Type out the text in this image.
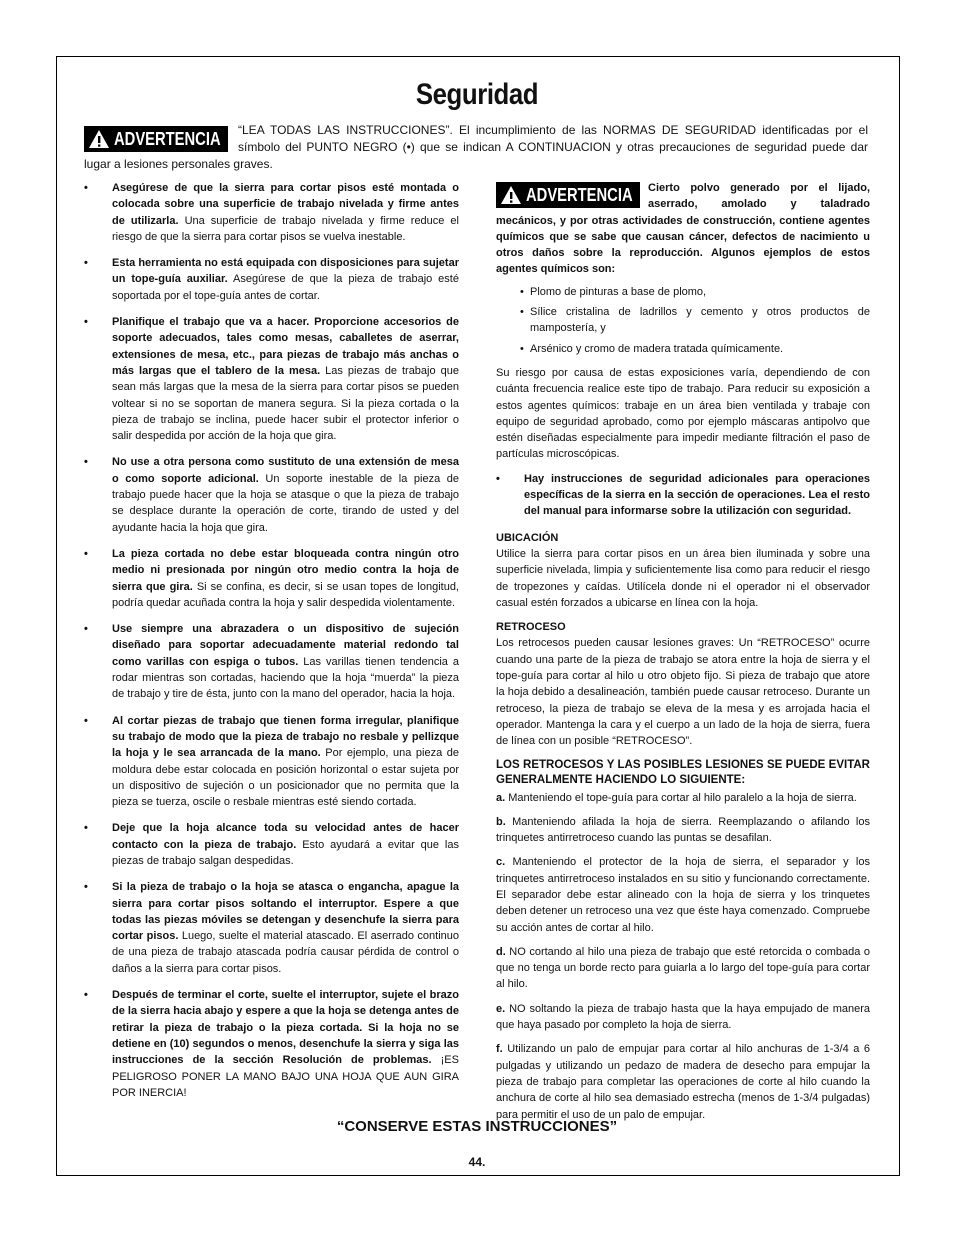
Seguridad
ADVERTENCIA “LEA TODAS LAS INSTRUCCIONES”. El incumplimiento de las NORMAS DE SEGURIDAD identificadas por el símbolo del PUNTO NEGRO (•) que se indican A CONTINUACION y otras precauciones de seguridad puede dar lugar a lesiones personales graves.
• Asegúrese de que la sierra para cortar pisos esté montada o colocada sobre una superficie de trabajo nivelada y firme antes de utilizarla. Una superficie de trabajo nivelada y firme reduce el riesgo de que la sierra para cortar pisos se vuelva inestable.
• Esta herramienta no está equipada con disposiciones para sujetar un tope-guía auxiliar. Asegúrese de que la pieza de trabajo esté soportada por el tope-guía antes de cortar.
• Planifique el trabajo que va a hacer. Proporcione accesorios de soporte adecuados, tales como mesas, caballetes de aserrar, extensiones de mesa, etc., para piezas de trabajo más anchas o más largas que el tablero de la mesa. Las piezas de trabajo que sean más largas que la mesa de la sierra para cortar pisos se pueden voltear si no se soportan de manera segura. Si la pieza cortada o la pieza de trabajo se inclina, puede hacer subir el protector inferior o salir despedida por acción de la hoja que gira.
• No use a otra persona como sustituto de una extensión de mesa o como soporte adicional. Un soporte inestable de la pieza de trabajo puede hacer que la hoja se atasque o que la pieza de trabajo se desplace durante la operación de corte, tirando de usted y del ayudante hacia la hoja que gira.
• La pieza cortada no debe estar bloqueada contra ningún otro medio ni presionada por ningún otro medio contra la hoja de sierra que gira. Si se confina, es decir, si se usan topes de longitud, podría quedar acuñada contra la hoja y salir despedida violentamente.
• Use siempre una abrazadera o un dispositivo de sujeción diseñado para soportar adecuadamente material redondo tal como varillas con espiga o tubos. Las varillas tienen tendencia a rodar mientras son cortadas, haciendo que la hoja “muerda” la pieza de trabajo y tire de ésta, junto con la mano del operador, hacia la hoja.
• Al cortar piezas de trabajo que tienen forma irregular, planifique su trabajo de modo que la pieza de trabajo no resbale y pellizque la hoja y le sea arrancada de la mano. Por ejemplo, una pieza de moldura debe estar colocada en posición horizontal o estar sujeta por un dispositivo de sujeción o un posicionador que no permita que la pieza se tuerza, oscile o resbale mientras esté siendo cortada.
• Deje que la hoja alcance toda su velocidad antes de hacer contacto con la pieza de trabajo. Esto ayudará a evitar que las piezas de trabajo salgan despedidas.
• Si la pieza de trabajo o la hoja se atasca o engancha, apague la sierra para cortar pisos soltando el interruptor. Espere a que todas las piezas móviles se detengan y desenchufe la sierra para cortar pisos. Luego, suelte el material atascado. El aserrado continuo de una pieza de trabajo atascada podría causar pérdida de control o daños a la sierra para cortar pisos.
• Después de terminar el corte, suelte el interruptor, sujete el brazo de la sierra hacia abajo y espere a que la hoja se detenga antes de retirar la pieza de trabajo o la pieza cortada. Si la hoja no se detiene en (10) segundos o menos, desenchufe la sierra y siga las instrucciones de la sección Resolución de problemas. ¡ES PELIGROSO PONER LA MANO BAJO UNA HOJA QUE AUN GIRA POR INERCIA!
ADVERTENCIA Cierto polvo generado por el lijado, aserrado, amolado y taladrado mecánicos, y por otras actividades de construcción, contiene agentes químicos que se sabe que causan cáncer, defectos de nacimiento u otros daños sobre la reproducción. Algunos ejemplos de estos agentes químicos son:
• Plomo de pinturas a base de plomo,
• Sílice cristalina de ladrillos y cemento y otros productos de mampostería, y
• Arsénico y cromo de madera tratada químicamente.

Su riesgo por causa de estas exposiciones varía, dependiendo de con cuánta frecuencia realice este tipo de trabajo. Para reducir su exposición a estos agentes químicos: trabaje en un área bien ventilada y trabaje con equipo de seguridad aprobado, como por ejemplo máscaras antipolvo que estén diseñadas especialmente para impedir mediante filtración el paso de partículas microscópicas.

• Hay instrucciones de seguridad adicionales para operaciones específicas de la sierra en la sección de operaciones. Lea el resto del manual para informarse sobre la utilización con seguridad.

UBICACIÓN

Utilice la sierra para cortar pisos en un área bien iluminada y sobre una superficie nivelada, limpia y suficientemente lisa como para reducir el riesgo de tropezones y caídas. Utilícela donde ni el operador ni el observador casual estén forzados a ubicarse en línea con la hoja.

RETROCESO

Los retrocesos pueden causar lesiones graves: Un “RETROCESO” ocurre cuando una parte de la pieza de trabajo se atora entre la hoja de sierra y el tope-guía para cortar al hilo u otro objeto fijo. Si pieza de trabajo que atore la hoja debido a desalineación, también puede causar retroceso. Durante un retroceso, la pieza de trabajo se eleva de la mesa y es arrojada hacia el operador. Mantenga la cara y el cuerpo a un lado de la hoja de sierra, fuera de línea con un posible “RETROCESO”.

LOS RETROCESOS Y LAS POSIBLES LESIONES SE PUEDE EVITAR GENERALMENTE HACIENDO LO SIGUIENTE:

a. Manteniendo el tope-guía para cortar al hilo paralelo a la hoja de sierra.

b. Manteniendo afilada la hoja de sierra. Reemplazando o afilando los trinquetes antirretroceso cuando las puntas se desafilan.

c. Manteniendo el protector de la hoja de sierra, el separador y los trinquetes antirretroceso instalados en su sitio y funcionando correctamente. El separador debe estar alineado con la hoja de sierra y los trinquetes deben detener un retroceso una vez que éste haya comenzado. Compruebe su acción antes de cortar al hilo.

d. NO cortando al hilo una pieza de trabajo que esté retorcida o combada o que no tenga un borde recto para guiarla a lo largo del tope-guía para cortar al hilo.

e. NO soltando la pieza de trabajo hasta que la haya empujado de manera que haya pasado por completo la hoja de sierra.

f. Utilizando un palo de empujar para cortar al hilo anchuras de 1-3/4 a 6 pulgadas y utilizando un pedazo de madera de desecho para empujar la pieza de trabajo para completar las operaciones de corte al hilo cuando la anchura de corte al hilo sea demasiado estrecha (menos de 1-3/4 pulgadas) para permitir el uso de un palo de empujar.

“CONSERVE ESTAS INSTRUCCIONES”
44.
